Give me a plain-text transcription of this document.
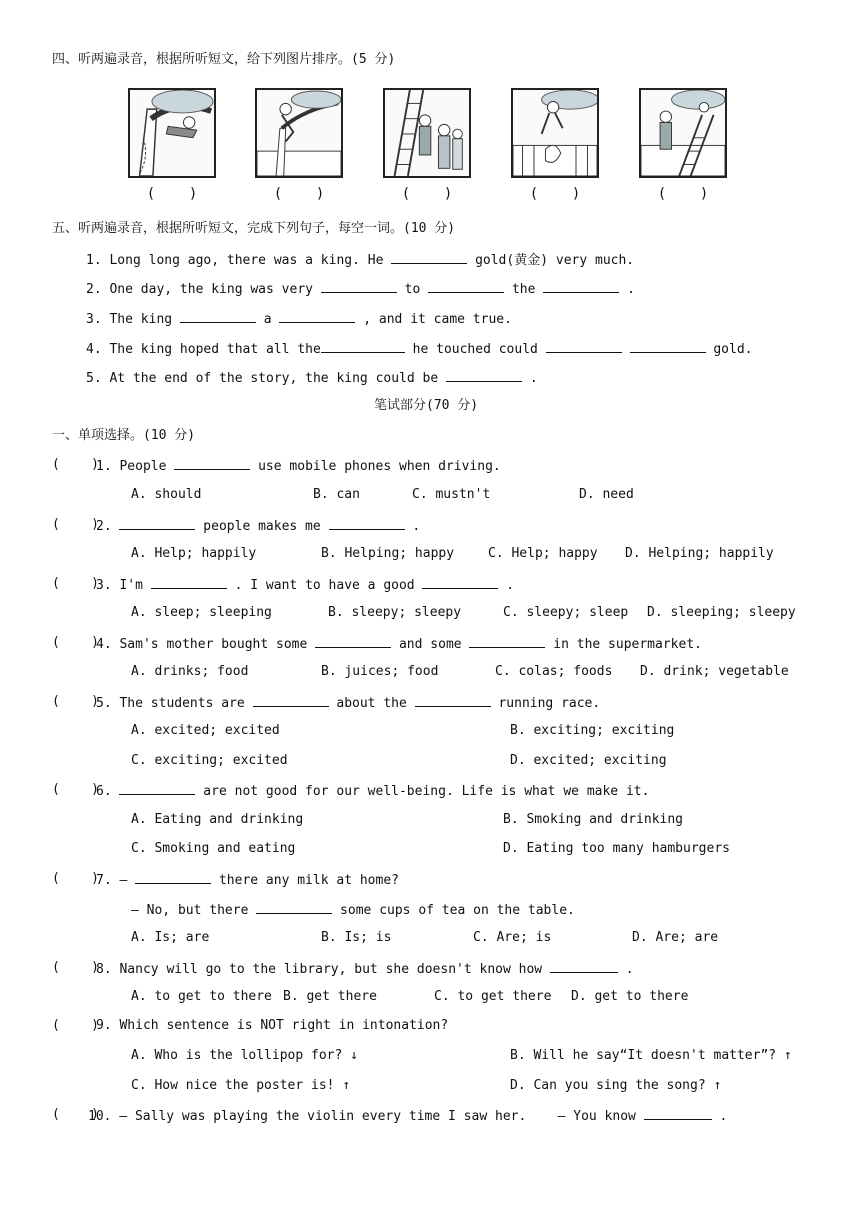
四、听两遍录音，根据所听短文，给下列图片排序。(5 分)
(    )	(    )	(    )	(    )	(    )
五、听两遍录音，根据所听短文，完成下列句子，每空一词。(10 分)
1. Long long ago, there was a king. He	gold(黄金) very much.
2. One day, the king was very	to	the	.
3. The king	a	, and it came true.
4. The king hoped that all the	he touched could	gold.
5. At the end of the story, the king could be	.
笔试部分(70 分)
一、单项选择。(10 分)
(    )
1. People	use mobile phones when driving.
A. should	B. can	C. mustn't	D. need
(    )
2.	people makes me	.
A. Help; happily	B. Helping; happy	C. Help; happy D. Helping; happily
(    )
3. I'm	. I want to have a good	.
A. sleep; sleeping	B. sleepy; sleepy	C. sleepy; sleep D. sleeping; sleepy
(    )
4. Sam's mother bought some	and some	in the supermarket.
A. drinks; food	B. juices; food	C. colas; foods D. drink; vegetable
(    )
5. The students are	about the	running race.
A. excited; excited	B. exciting; exciting
C. exciting; excited	D. excited; exciting
(    )
6.	are not good for our well-being. Life is what we make it.
A. Eating and drinking	B. Smoking and drinking
C. Smoking and eating	D. Eating too many hamburgers
(    )
7. —	there any milk at home?
— No, but there	some cups of tea on the table.
A. Is; are	B. Is; is	C. Are; is	D. Are; are
(    )
8. Nancy will go to the library, but she doesn't know how	.
A. to get to there B. get there	C. to get there D. get to there
(    )
9. Which sentence is NOT right in intonation?
A. Who is the lollipop for? ↓	B. Will he say“It doesn't matter”? ↑
C. How nice the poster is! ↑	D. Can you sing the song? ↑
(    )
10. — Sally was playing the violin every time I saw her.    — You know	.
